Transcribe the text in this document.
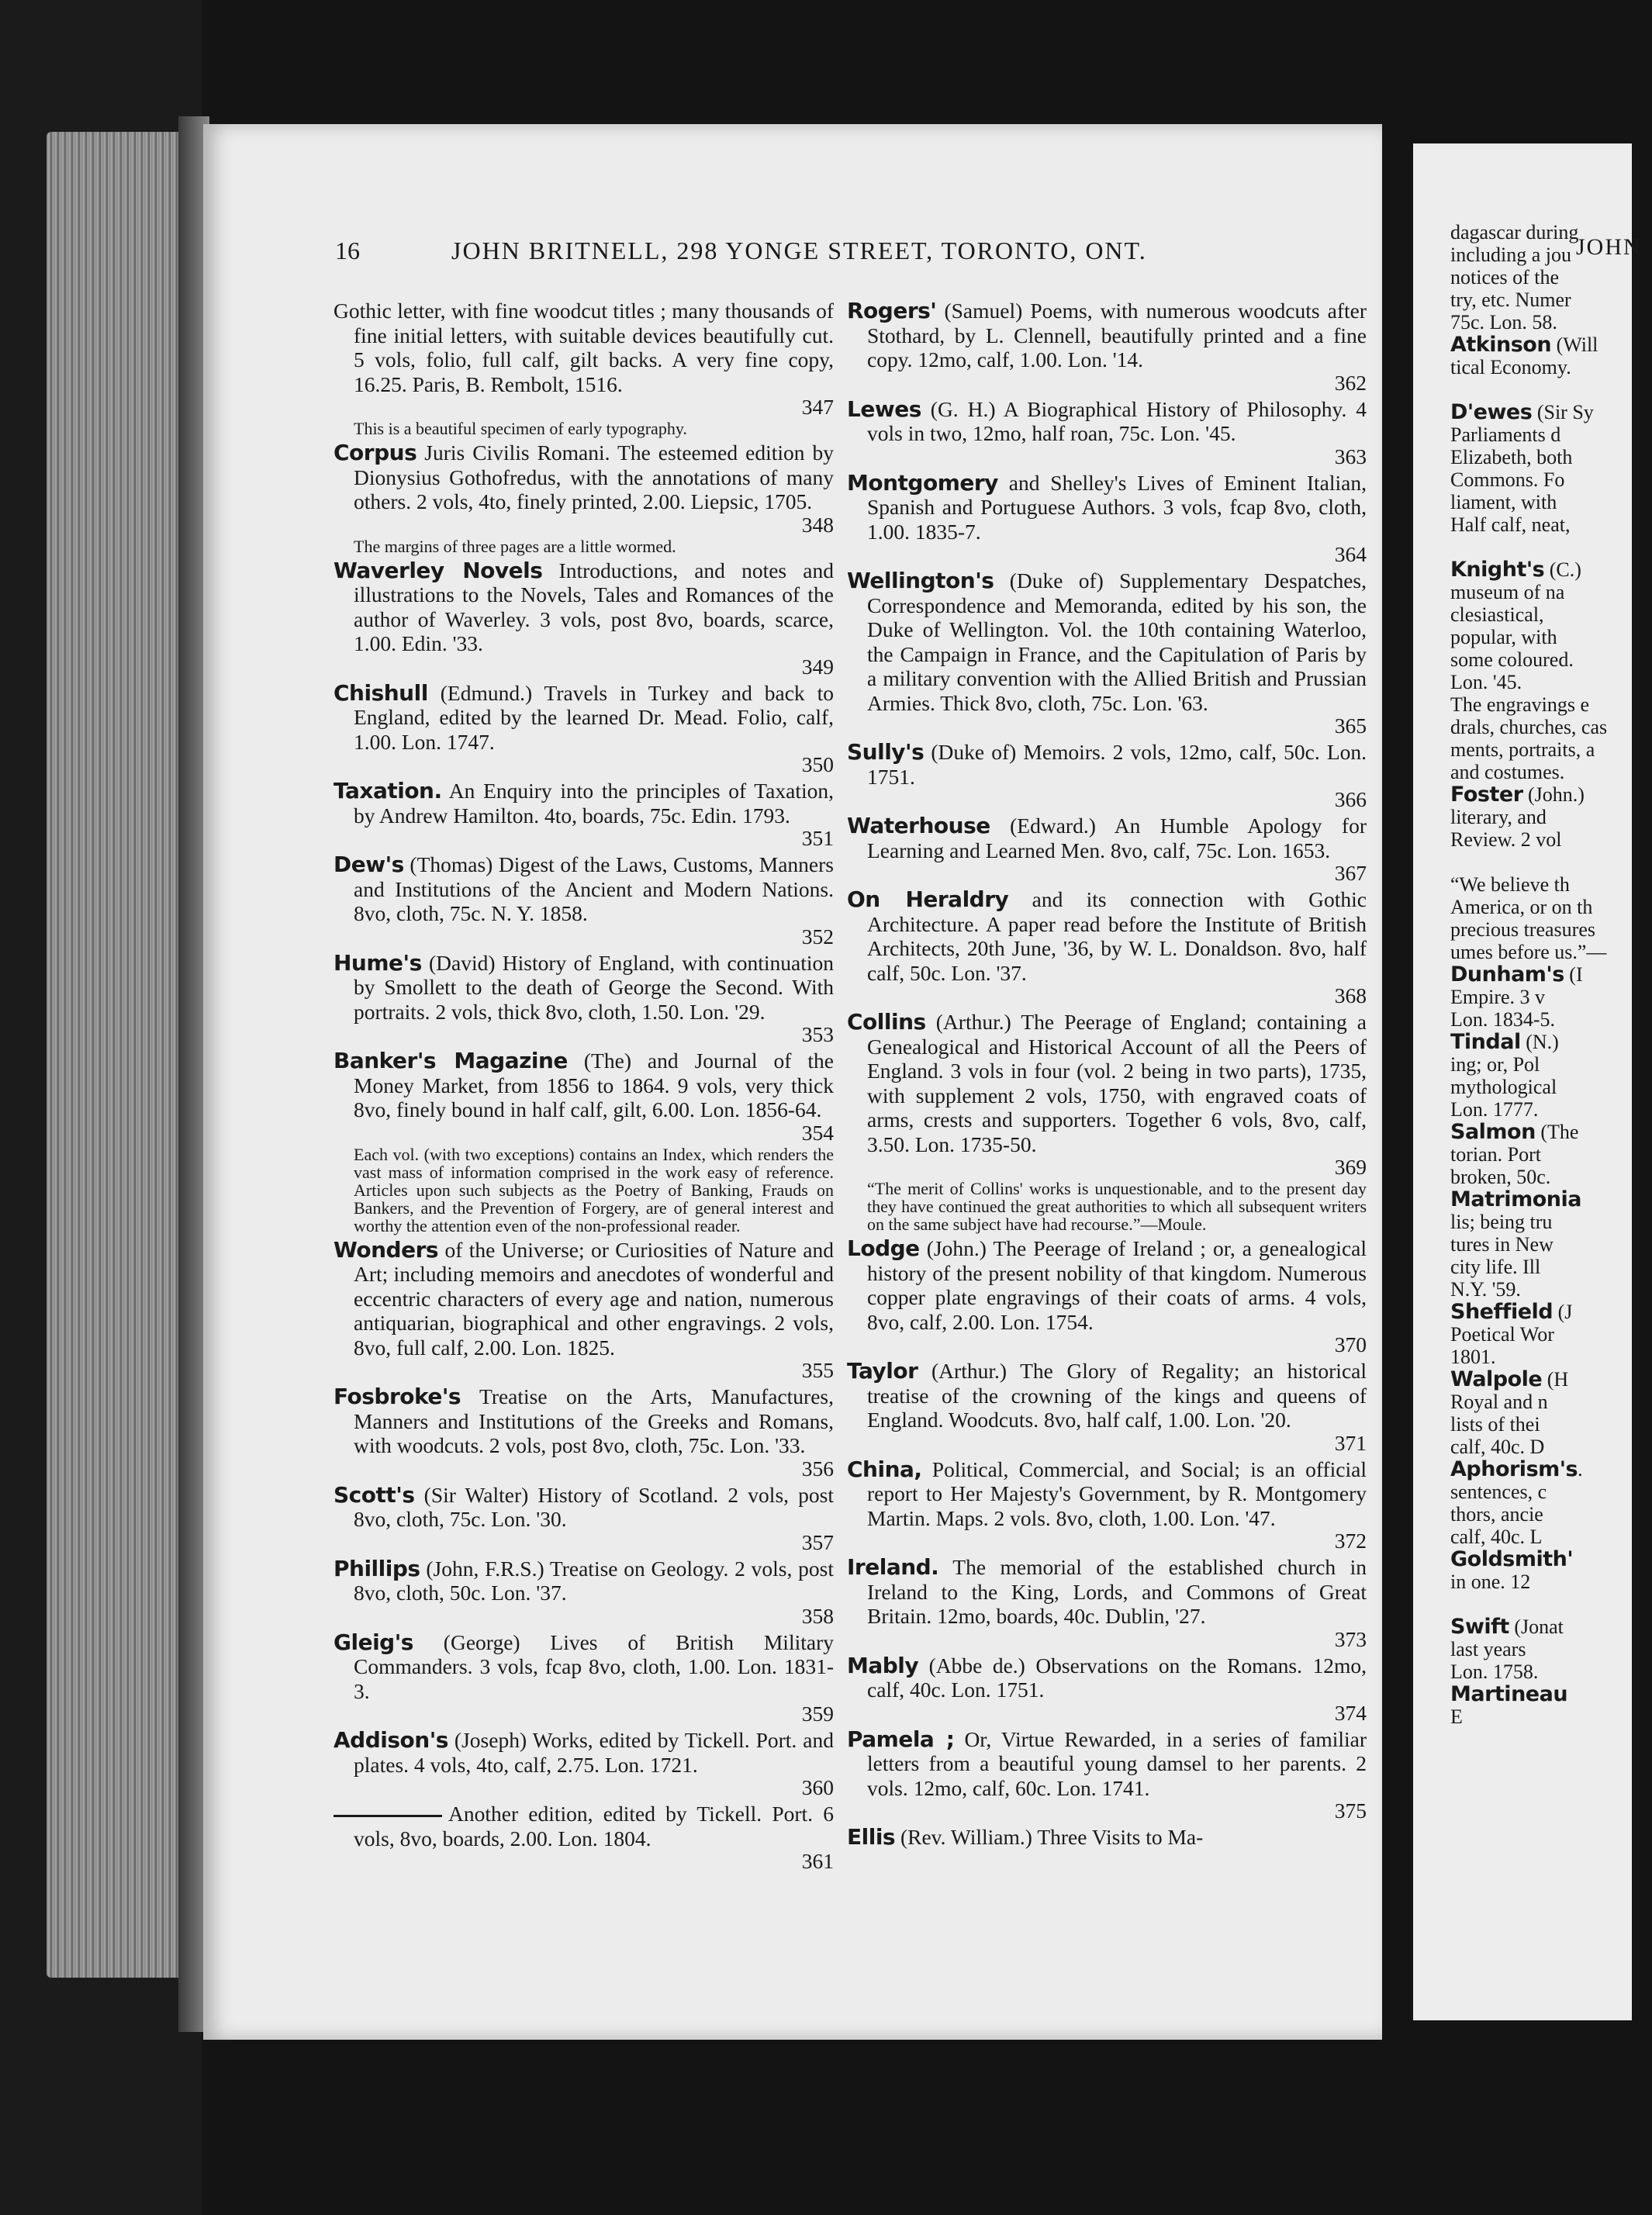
16	JOHN BRITNELL, 298 YONGE STREET, TORONTO, ONT.
Gothic letter, with fine woodcut titles ; many thousands of fine initial letters, with suitable devices beautifully cut. 5 vols, folio, full calf, gilt backs. A very fine copy, 16.25. Paris, B. Rembolt, 1516.
347
This is a beautiful specimen of early typography.
Corpus Juris Civilis Romani. The esteemed edition by Dionysius Gothofredus, with the annotations of many others. 2 vols, 4to, finely printed, 2.00. Liepsic, 1705.
348
The margins of three pages are a little wormed.
Waverley Novels Introductions, and notes and illustrations to the Novels, Tales and Romances of the author of Waverley. 3 vols, post 8vo, boards, scarce, 1.00. Edin. '33.
349
Chishull (Edmund.) Travels in Turkey and back to England, edited by the learned Dr. Mead. Folio, calf, 1.00. Lon. 1747.
350
Taxation. An Enquiry into the principles of Taxation, by Andrew Hamilton. 4to, boards, 75c. Edin. 1793.
351
Dew's (Thomas) Digest of the Laws, Customs, Manners and Institutions of the Ancient and Modern Nations. 8vo, cloth, 75c. N. Y. 1858.
352
Hume's (David) History of England, with continuation by Smollett to the death of George the Second. With portraits. 2 vols, thick 8vo, cloth, 1.50. Lon. '29.
353
Banker's Magazine (The) and Journal of the Money Market, from 1856 to 1864. 9 vols, very thick 8vo, finely bound in half calf, gilt, 6.00. Lon. 1856-64.
354
Each vol. (with two exceptions) contains an Index, which renders the vast mass of information comprised in the work easy of reference. Articles upon such subjects as the Poetry of Banking, Frauds on Bankers, and the Prevention of Forgery, are of general interest and worthy the attention even of the non-professional reader.
Wonders of the Universe; or Curiosities of Nature and Art; including memoirs and anecdotes of wonderful and eccentric characters of every age and nation, numerous antiquarian, biographical and other engravings. 2 vols, 8vo, full calf, 2.00. Lon. 1825.
355
Fosbroke's Treatise on the Arts, Manufactures, Manners and Institutions of the Greeks and Romans, with woodcuts. 2 vols, post 8vo, cloth, 75c. Lon. '33.
356
Scott's (Sir Walter) History of Scotland. 2 vols, post 8vo, cloth, 75c. Lon. '30.
357
Phillips (John, F.R.S.) Treatise on Geology. 2 vols, post 8vo, cloth, 50c. Lon. '37.
358
Gleig's (George) Lives of British Military Commanders. 3 vols, fcap 8vo, cloth, 1.00. Lon. 1831-3.
359
Addison's (Joseph) Works, edited by Tickell. Port. and plates. 4 vols, 4to, calf, 2.75. Lon. 1721.
360
Another edition, edited by Tickell. Port. 6 vols, 8vo, boards, 2.00. Lon. 1804.
361
Rogers' (Samuel) Poems, with numerous woodcuts after Stothard, by L. Clennell, beautifully printed and a fine copy. 12mo, calf, 1.00. Lon. '14.
362
Lewes (G. H.) A Biographical History of Philosophy. 4 vols in two, 12mo, half roan, 75c. Lon. '45.
363
Montgomery and Shelley's Lives of Eminent Italian, Spanish and Portuguese Authors. 3 vols, fcap 8vo, cloth, 1.00. 1835-7.
364
Wellington's (Duke of) Supplementary Despatches, Correspondence and Memoranda, edited by his son, the Duke of Wellington. Vol. the 10th containing Waterloo, the Campaign in France, and the Capitulation of Paris by a military convention with the Allied British and Prussian Armies. Thick 8vo, cloth, 75c. Lon. '63.
365
Sully's (Duke of) Memoirs. 2 vols, 12mo, calf, 50c. Lon. 1751.
366
Waterhouse (Edward.) An Humble Apology for Learning and Learned Men. 8vo, calf, 75c. Lon. 1653.
367
On Heraldry and its connection with Gothic Architecture. A paper read before the Institute of British Architects, 20th June, '36, by W. L. Donaldson. 8vo, half calf, 50c. Lon. '37.
368
Collins (Arthur.) The Peerage of England; containing a Genealogical and Historical Account of all the Peers of England. 3 vols in four (vol. 2 being in two parts), 1735, with supplement 2 vols, 1750, with engraved coats of arms, crests and supporters. Together 6 vols, 8vo, calf, 3.50. Lon. 1735-50.
369
“The merit of Collins' works is unquestionable, and to the present day they have continued the great authorities to which all subsequent writers on the same subject have had recourse.”—Moule.
Lodge (John.) The Peerage of Ireland ; or, a genealogical history of the present nobility of that kingdom. Numerous copper plate engravings of their coats of arms. 4 vols, 8vo, calf, 2.00. Lon. 1754.
370
Taylor (Arthur.) The Glory of Regality; an historical treatise of the crowning of the kings and queens of England. Woodcuts. 8vo, half calf, 1.00. Lon. '20.
371
China, Political, Commercial, and Social; is an official report to Her Majesty's Government, by R. Montgomery Martin. Maps. 2 vols. 8vo, cloth, 1.00. Lon. '47.
372
Ireland. The memorial of the established church in Ireland to the King, Lords, and Commons of Great Britain. 12mo, boards, 40c. Dublin, '27.
373
Mably (Abbe de.) Observations on the Romans. 12mo, calf, 40c. Lon. 1751.
374
Pamela ; Or, Virtue Rewarded, in a series of familiar letters from a beautiful young damsel to her parents. 2 vols. 12mo, calf, 60c. Lon. 1741.
375
Ellis (Rev. William.) Three Visits to Ma-
JOHN
dagascar during
including a jou
notices of the
try, etc. Numer
75c. Lon. 58.
Atkinson (Will
tical Economy.
D'ewes (Sir Sy
Parliaments d
Elizabeth, both
Commons. Fo
liament, with
Half calf, neat,
Knight's (C.)
museum of na
clesiastical,
popular, with
some coloured.
Lon. '45.
The engravings e
drals, churches, cas
ments, portraits, a
and costumes.
Foster (John.)
literary, and
Review. 2 vol
“We believe th
America, or on th
precious treasures
umes before us.”—
Dunham's (I
Empire. 3 v
Lon. 1834-5.
Tindal (N.)
ing; or, Pol
mythological
Lon. 1777.
Salmon (The
torian. Port
broken, 50c.
Matrimonia
lis; being tru
tures in New
city life. Ill
N.Y. '59.
Sheffield (J
Poetical Wor
1801.
Walpole (H
Royal and n
lists of thei
calf, 40c. D
Aphorism's.
sentences, c
thors, ancie
calf, 40c. L
Goldsmith'
in one. 12
Swift (Jonat
last years
Lon. 1758.
Martineau
E
